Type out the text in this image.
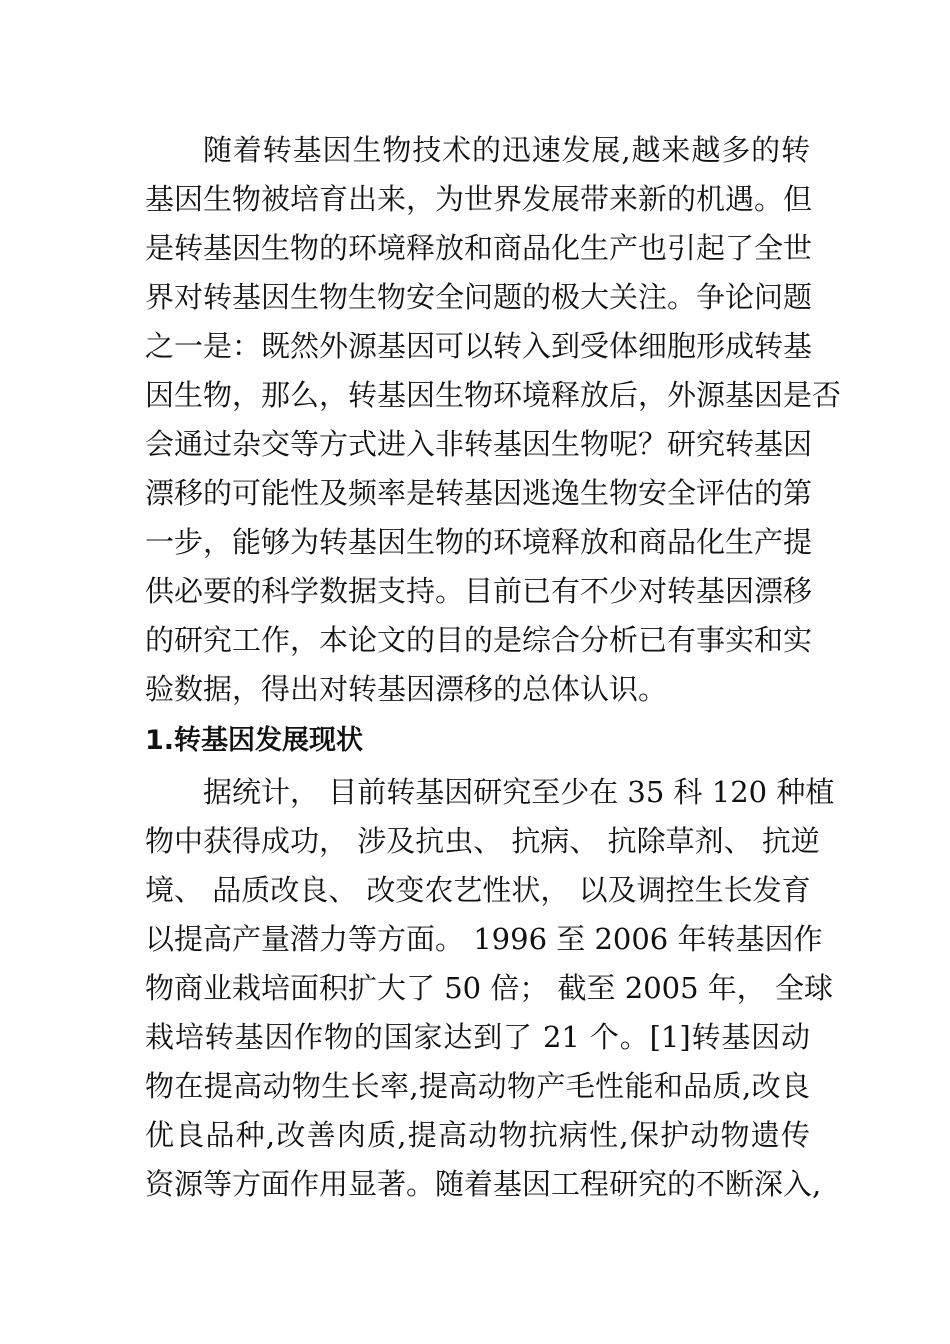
随着转基因生物技术的迅速发展,越来越多的转
基因生物被培育出来，为世界发展带来新的机遇。但
是转基因生物的环境释放和商品化生产也引起了全世
界对转基因生物生物安全问题的极大关注。争论问题
之一是：既然外源基因可以转入到受体细胞形成转基
因生物，那么，转基因生物环境释放后，外源基因是否
会通过杂交等方式进入非转基因生物呢？研究转基因
漂移的可能性及频率是转基因逃逸生物安全评估的第
一步，能够为转基因生物的环境释放和商品化生产提
供必要的科学数据支持。目前已有不少对转基因漂移
的研究工作，本论文的目的是综合分析已有事实和实
验数据，得出对转基因漂移的总体认识。
1.转基因发展现状
据统计， 目前转基因研究至少在 35 科 120 种植
物中获得成功， 涉及抗虫、 抗病、 抗除草剂、 抗逆
境、 品质改良、 改变农艺性状， 以及调控生长发育
以提高产量潜力等方面。 1996 至 2006 年转基因作
物商业栽培面积扩大了 50 倍； 截至 2005 年， 全球
栽培转基因作物的国家达到了 21 个。[1]转基因动
物在提高动物生长率,提高动物产毛性能和品质,改良
优良品种,改善肉质,提高动物抗病性,保护动物遗传
资源等方面作用显著。随着基因工程研究的不断深入,
